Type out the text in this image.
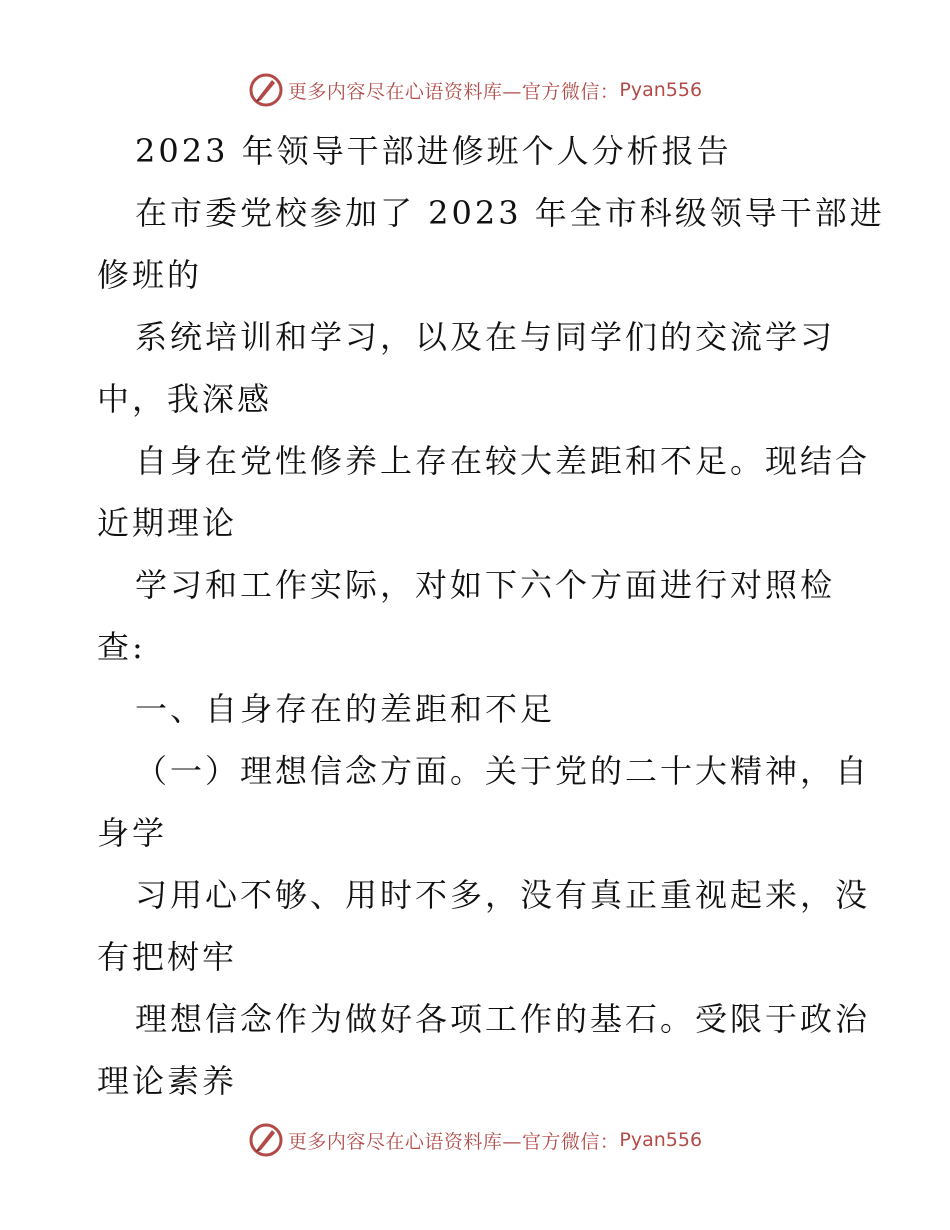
更多内容尽在心语资料库—官方微信： Pyan556
2023 年领导干部进修班个人分析报告
在市委党校参加了 2023 年全市科级领导干部进
修班的
系统培训和学习，以及在与同学们的交流学习
中，我深感
自身在党性修养上存在较大差距和不足。现结合
近期理论
学习和工作实际，对如下六个方面进行对照检
查:
一、自身存在的差距和不足
（一）理想信念方面。关于党的二十大精神，自
身学
习用心不够、用时不多，没有真正重视起来，没
有把树牢
理想信念作为做好各项工作的基石。受限于政治
理论素养
更多内容尽在心语资料库—官方微信： Pyan556
